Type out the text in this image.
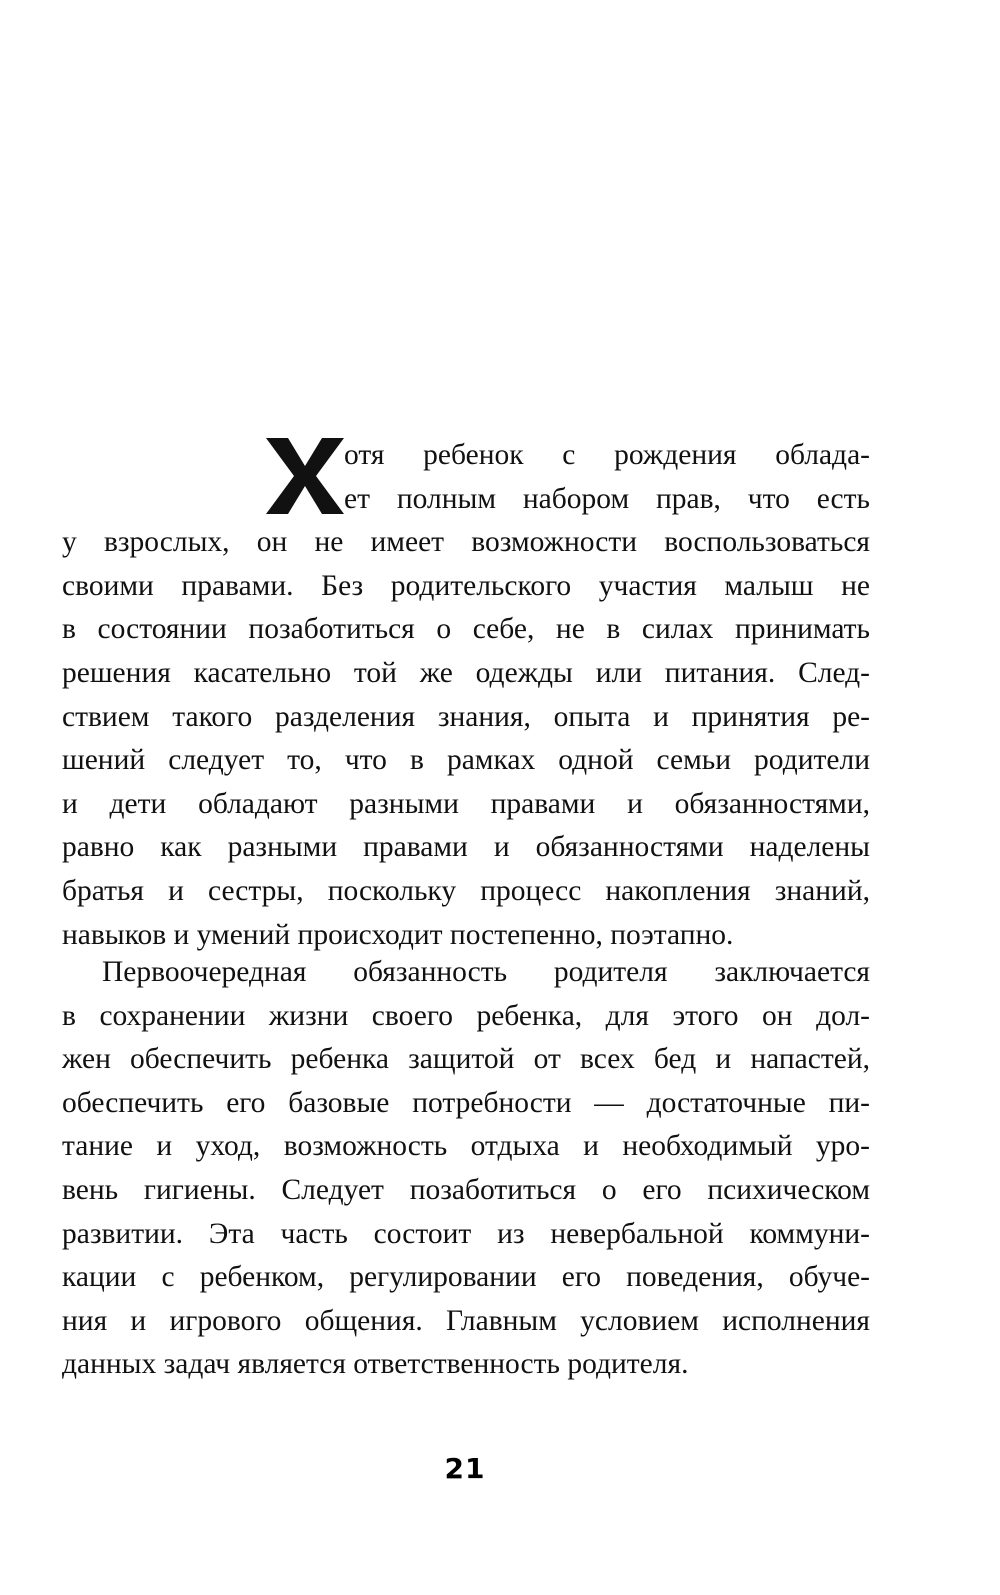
отя ребенок с рождения облада-
ет полным набором прав, что есть
у взрослых, он не имеет возможности воспользоваться
своими правами. Без родительского участия малыш не
в состоянии позаботиться о себе, не в силах принимать
решения касательно той же одежды или питания. След-
ствием такого разделения знания, опыта и принятия ре-
шений следует то, что в рамках одной семьи родители
и дети обладают разными правами и обязанностями,
равно как разными правами и обязанностями наделены
братья и сестры, поскольку процесс накопления знаний,
навыков и умений происходит постепенно, поэтапно.
Первоочередная обязанность родителя заключается
в сохранении жизни своего ребенка, для этого он дол-
жен обеспечить ребенка защитой от всех бед и напастей,
обеспечить его базовые потребности — достаточные пи-
тание и уход, возможность отдыха и необходимый уро-
вень гигиены. Следует позаботиться о его психическом
развитии. Эта часть состоит из невербальной коммуни-
кации с ребенком, регулировании его поведения, обуче-
ния и игрового общения. Главным условием исполнения
данных задач является ответственность родителя.
21
